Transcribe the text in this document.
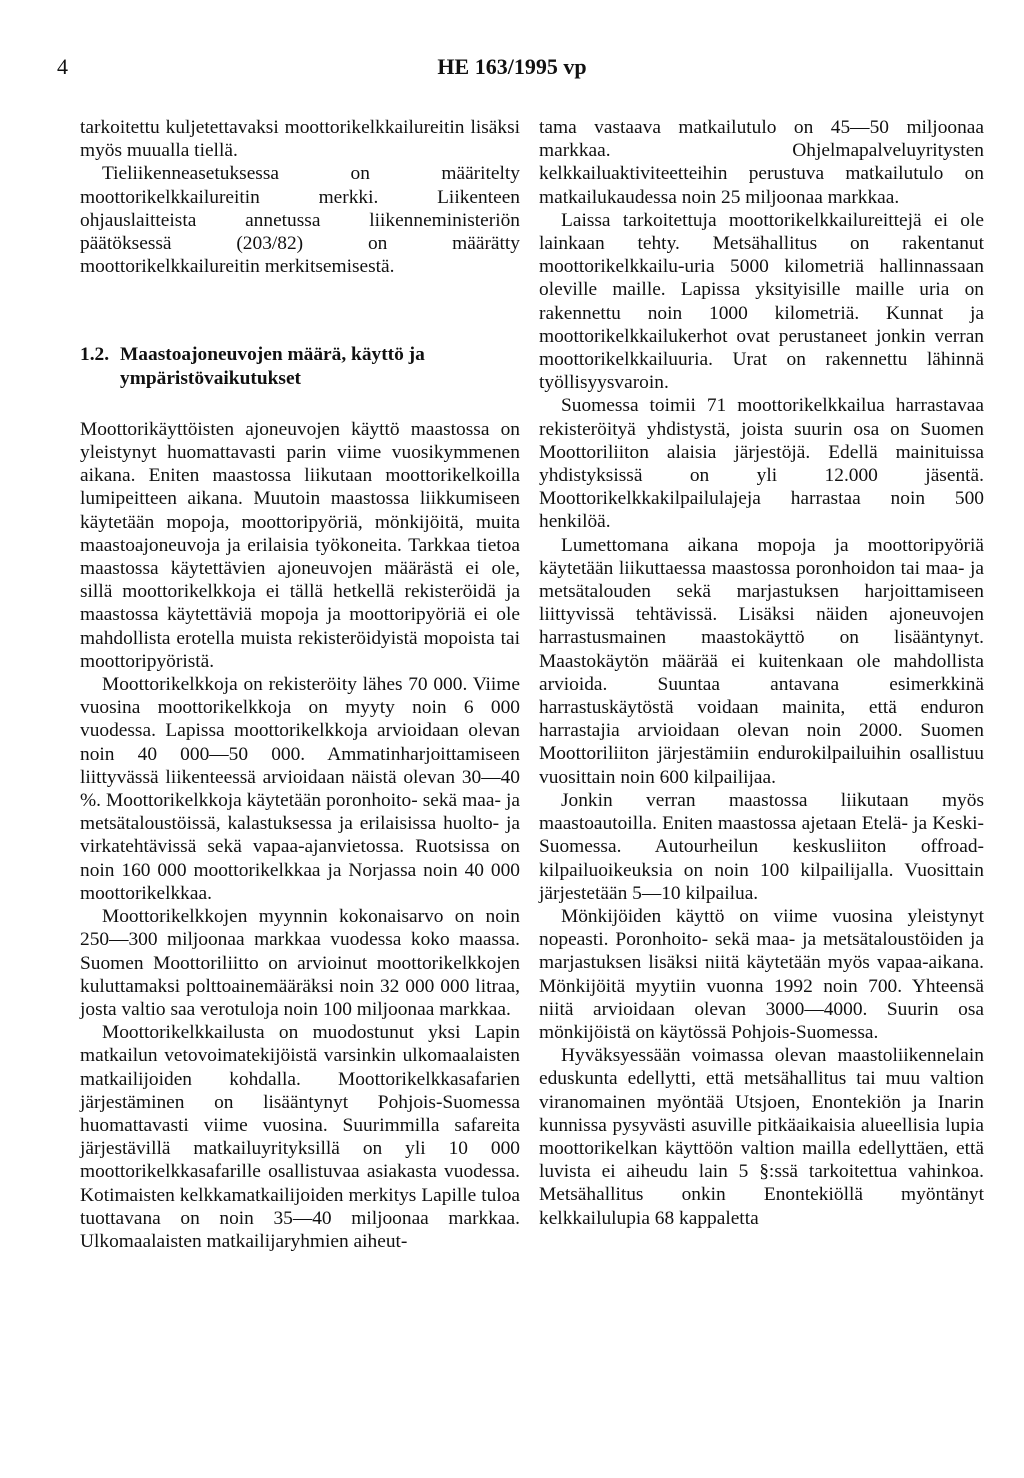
4	HE 163/1995 vp

tarkoitettu kuljetettavaksi moottorikelkkailureitin lisäksi myös muualla tiellä.

Tieliikenneasetuksessa on määritelty moottorikelkkailureitin merkki. Liikenteen ohjauslaitteista annetussa liikenneministeriön päätöksessä (203/82) on määrätty moottorikelkkailureitin merkitsemisestä.

1.2. Maastoajoneuvojen määrä, käyttö ja ympäristövaikutukset

Moottorikäyttöisten ajoneuvojen käyttö maastossa on yleistynyt huomattavasti parin viime vuosikymmenen aikana. Eniten maastossa liikutaan moottorikelkoilla lumipeitteen aikana. Muutoin maastossa liikkumiseen käytetään mopoja, moottoripyöriä, mönkijöitä, muita maastoajoneuvoja ja erilaisia työkoneita. Tarkkaa tietoa maastossa käytettävien ajoneuvojen määrästä ei ole, sillä moottorikelkkoja ei tällä hetkellä rekisteröidä ja maastossa käytettäviä mopoja ja moottoripyöriä ei ole mahdollista erotella muista rekisteröidyistä mopoista tai moottoripyöristä.

Moottorikelkkoja on rekisteröity lähes 70 000. Viime vuosina moottorikelkkoja on myyty noin 6 000 vuodessa. Lapissa moottorikelkkoja arvioidaan olevan noin 40 000—50 000. Ammatinharjoittamiseen liittyvässä liikenteessä arvioidaan näistä olevan 30—40 %. Moottorikelkkoja käytetään poronhoito- sekä maa- ja metsätaloustöissä, kalastuksessa ja erilaisissa huolto- ja virkatehtävissä sekä vapaa-ajanvietossa. Ruotsissa on noin 160 000 moottorikelkkaa ja Norjassa noin 40 000 moottorikelkkaa.

Moottorikelkkojen myynnin kokonaisarvo on noin 250—300 miljoonaa markkaa vuodessa koko maassa. Suomen Moottoriliitto on arvioinut moottorikelkkojen kuluttamaksi polttoainemääräksi noin 32 000 000 litraa, josta valtio saa verotuloja noin 100 miljoonaa markkaa.

Moottorikelkkailusta on muodostunut yksi Lapin matkailun vetovoimatekijöistä varsinkin ulkomaalaisten matkailijoiden kohdalla. Moottorikelkkasafarien järjestäminen on lisääntynyt Pohjois-Suomessa huomattavasti viime vuosina. Suurimmilla safareita järjestävillä matkailuyrityksillä on yli 10 000 moottorikelkkasafarille osallistuvaa asiakasta vuodessa. Kotimaisten kelkkamatkailijoiden merkitys Lapille tuloa tuottavana on noin 35—40 miljoonaa markkaa. Ulkomaalaisten matkailijaryhmien aiheut-

tama vastaava matkailutulo on 45—50 miljoonaa markkaa. Ohjelmapalveluyritysten kelkkailuaktiviteetteihin perustuva matkailutulo on matkailukaudessa noin 25 miljoonaa markkaa.

Laissa tarkoitettuja moottorikelkkailureittejä ei ole lainkaan tehty. Metsähallitus on rakentanut moottorikelkkailu-uria 5000 kilometriä hallinnassaan oleville maille. Lapissa yksityisille maille uria on rakennettu noin 1000 kilometriä. Kunnat ja moottorikelkkailukerhot ovat perustaneet jonkin verran moottorikelkkailuuria. Urat on rakennettu lähinnä työllisyysvaroin.

Suomessa toimii 71 moottorikelkkailua harrastavaa rekisteröityä yhdistystä, joista suurin osa on Suomen Moottoriliiton alaisia järjestöjä. Edellä mainituissa yhdistyksissä on yli 12.000 jäsentä. Moottorikelkkakilpailulajeja harrastaa noin 500 henkilöä.

Lumettomana aikana mopoja ja moottoripyöriä käytetään liikuttaessa maastossa poronhoidon tai maa- ja metsätalouden sekä marjastuksen harjoittamiseen liittyvissä tehtävissä. Lisäksi näiden ajoneuvojen harrastusmainen maastokäyttö on lisääntynyt. Maastokäytön määrää ei kuitenkaan ole mahdollista arvioida. Suuntaa antavana esimerkkinä harrastuskäytöstä voidaan mainita, että enduron harrastajia arvioidaan olevan noin 2000. Suomen Moottoriliiton järjestämiin endurokilpailuihin osallistuu vuosittain noin 600 kilpailijaa.

Jonkin verran maastossa liikutaan myös maastoautoilla. Eniten maastossa ajetaan Etelä- ja Keski-Suomessa. Autourheilun keskusliiton offroad- kilpailuoikeuksia on noin 100 kilpailijalla. Vuosittain järjestetään 5—10 kilpailua.

Mönkijöiden käyttö on viime vuosina yleistynyt nopeasti. Poronhoito- sekä maa- ja metsätaloustöiden ja marjastuksen lisäksi niitä käytetään myös vapaa-aikana. Mönkijöitä myytiin vuonna 1992 noin 700. Yhteensä niitä arvioidaan olevan 3000—4000. Suurin osa mönkijöistä on käytössä Pohjois-Suomessa.

Hyväksyessään voimassa olevan maastoliikennelain eduskunta edellytti, että metsähallitus tai muu valtion viranomainen myöntää Utsjoen, Enontekiön ja Inarin kunnissa pysyvästi asuville pitkäaikaisia alueellisia lupia moottorikelkan käyttöön valtion mailla edellyttäen, että luvista ei aiheudu lain 5 §:ssä tarkoitettua vahinkoa. Metsähallitus onkin Enontekiöllä myöntänyt kelkkailulupia 68 kappaletta
